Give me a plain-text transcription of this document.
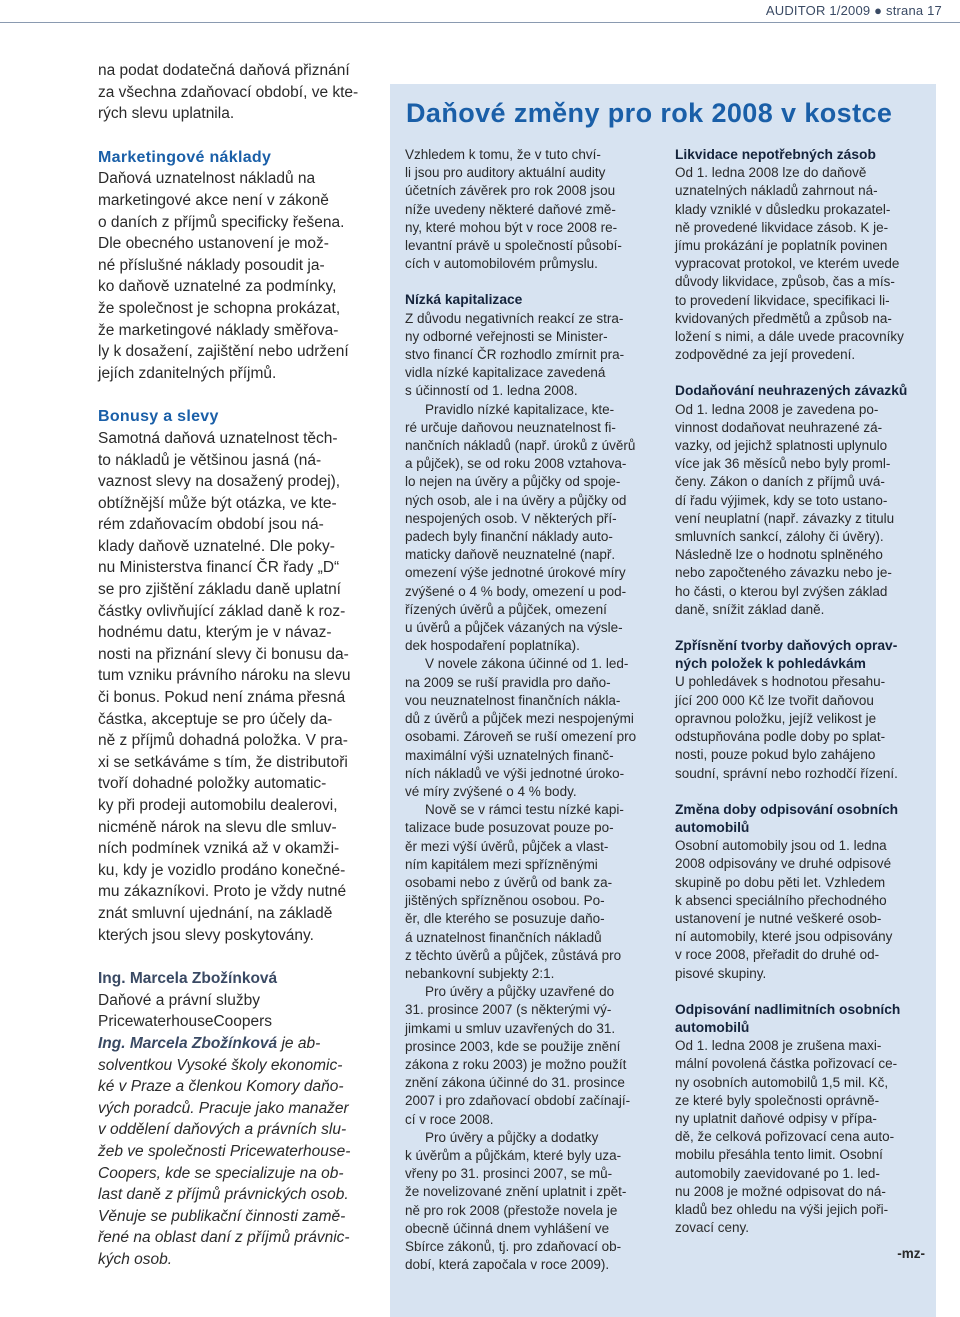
AUDITOR 1/2009 ● strana 17

na podat dodatečná daňová přiznání
za všechna zdaňovací období, ve kte-
rých slevu uplatnila.

Marketingové náklady

Daňová uznatelnost nákladů na
marketingové akce není v zákoně
o daních z příjmů specificky řešena.
Dle obecného ustanovení je mož-
né příslušné náklady posoudit ja-
ko daňově uznatelné za podmínky,
že společnost je schopna prokázat,
že marketingové náklady směřova-
ly k dosažení, zajištění nebo udržení
jejích zdanitelných příjmů.

Bonusy a slevy

Samotná daňová uznatelnost těch-
to nákladů je většinou jasná (ná-
vaznost slevy na dosažený prodej),
obtížnější může být otázka, ve kte-
rém zdaňovacím období jsou ná-
klady daňově uznatelné. Dle poky-
nu Ministerstva financí ČR řady „D“
se pro zjištění základu daně uplatní
částky ovlivňující základ daně k roz-
hodnému datu, kterým je v návaz-
nosti na přiznání slevy či bonusu da-
tum vzniku právního nároku na slevu
či bonus. Pokud není známa přesná
částka, akceptuje se pro účely da-
ně z příjmů dohadná položka. V pra-
xi se setkáváme s tím, že distributoři
tvoří dohadné položky automatic-
ky při prodeji automobilu dealerovi,
nicméně nárok na slevu dle smluv-
ních podmínek vzniká až v okamži-
ku, kdy je vozidlo prodáno konečné-
mu zákazníkovi. Proto je vždy nutné
znát smluvní ujednání, na základě
kterých jsou slevy poskytovány.

Ing. Marcela Zbožínková

Daňové a právní služby

PricewaterhouseCoopers

Ing. Marcela Zbožínková je ab-
solventkou Vysoké školy ekonomic-
ké v Praze a členkou Komory daňo-
vých poradců. Pracuje jako manažer
v oddělení daňových a právních slu-
žeb ve společnosti Pricewaterhouse-
Coopers, kde se specializuje na ob-
last daně z příjmů právnických osob.
Věnuje se publikační činnosti zamě-
řené na oblast daní z příjmů právnic-
kých osob.

Daňové změny pro rok 2008 v kostce

Vzhledem k tomu, že v tuto chví-
li jsou pro auditory aktuální audity
účetních závěrek pro rok 2008 jsou
níže uvedeny některé daňové změ-
ny, které mohou být v roce 2008 re-
levantní právě u společností působí-
cích v automobilovém průmyslu.

Nízká kapitalizace

Z důvodu negativních reakcí ze stra-
ny odborné veřejnosti se Minister-
stvo financí ČR rozhodlo zmírnit pra-
vidla nízké kapitalizace zavedená
s účinností od 1. ledna 2008.

Pravidlo nízké kapitalizace, kte-
ré určuje daňovou neuznatelnost fi-
nančních nákladů (např. úroků z úvěrů
a půjček), se od roku 2008 vztahova-
lo nejen na úvěry a půjčky od spoje-
ných osob, ale i na úvěry a půjčky od
nespojených osob. V některých pří-
padech byly finanční náklady auto-
maticky daňově neuznatelné (např.
omezení výše jednotné úrokové míry
zvýšené o 4 % body, omezení u pod-
řízených úvěrů a půjček, omezení
u úvěrů a půjček vázaných na výsle-
dek hospodaření poplatníka).

V novele zákona účinné od 1. led-
na 2009 se ruší pravidla pro daňo-
vou neuznatelnost finančních nákla-
dů z úvěrů a půjček mezi nespojenými
osobami. Zároveň se ruší omezení pro
maximální výši uznatelných finanč-
ních nákladů ve výši jednotné úroko-
vé míry zvýšené o 4 % body.

Nově se v rámci testu nízké kapi-
talizace bude posuzovat pouze po-
ěr mezi výší úvěrů, půjček a vlast-
ním kapitálem mezi spřízněnými
osobami nebo z úvěrů od bank za-
jištěných spřízněnou osobou. Po-
ěr, dle kterého se posuzuje daňo-
á uznatelnost finančních nákladů
z těchto úvěrů a půjček, zůstává pro
nebankovní subjekty 2:1.

Pro úvěry a půjčky uzavřené do
31. prosince 2007 (s některými vý-
jimkami u smluv uzavřených do 31.
prosince 2003, kde se použije znění
zákona z roku 2003) je možno použít
znění zákona účinné do 31. prosince
2007 i pro zdaňovací období začínají-
cí v roce 2008.

Pro úvěry a půjčky a dodatky
k úvěrům a půjčkám, které byly uza-
vřeny po 31. prosinci 2007, se mů-
že novelizované znění uplatnit i zpět-
ně pro rok 2008 (přestože novela je
obecně účinná dnem vyhlášení ve
Sbírce zákonů, tj. pro zdaňovací ob-
dobí, která započala v roce 2009).

Likvidace nepotřebných zásob

Od 1. ledna 2008 lze do daňově
uznatelných nákladů zahrnout ná-
klady vzniklé v důsledku prokazatel-
ně provedené likvidace zásob. K je-
jímu prokázání je poplatník povinen
vypracovat protokol, ve kterém uvede
důvody likvidace, způsob, čas a mís-
to provedení likvidace, specifikaci li-
kvidovaných předmětů a způsob na-
ložení s nimi, a dále uvede pracovníky
zodpovědné za její provedení.

Dodaňování neuhrazených závazků

Od 1. ledna 2008 je zavedena po-
vinnost dodaňovat neuhrazené zá-
vazky, od jejichž splatnosti uplynulo
více jak 36 měsíců nebo byly proml-
čeny. Zákon o daních z příjmů uvá-
dí řadu výjimek, kdy se toto ustano-
vení neuplatní (např. závazky z titulu
smluvních sankcí, zálohy či úvěry).
Následně lze o hodnotu splněného
nebo započteného závazku nebo je-
ho části, o kterou byl zvýšen základ
daně, snížit základ daně.

Zpřísnění tvorby daňových oprav-
ných položek k pohledávkám

U pohledávek s hodnotou přesahu-
jící 200 000 Kč lze tvořit daňovou
opravnou položku, jejíž velikost je
odstupňována podle doby po splat-
nosti, pouze pokud bylo zahájeno
soudní, správní nebo rozhodčí řízení.

Změna doby odpisování osobních
automobilů

Osobní automobily jsou od 1. ledna
2008 odpisovány ve druhé odpisové
skupině po dobu pěti let. Vzhledem
k absenci speciálního přechodného
ustanovení je nutné veškeré osob-
ní automobily, které jsou odpisovány
v roce 2008, přeřadit do druhé od-
pisové skupiny.

Odpisování nadlimitních osobních
automobilů

Od 1. ledna 2008 je zrušena maxi-
mální povolená částka pořizovací ce-
ny osobních automobilů 1,5 mil. Kč,
ze které byly společnosti oprávně-
ny uplatnit daňové odpisy v přípa-
dě, že celková pořizovací cena auto-
mobilu přesáhla tento limit. Osobní
automobily zaevidované po 1. led-
nu 2008 je možné odpisovat do ná-
kladů bez ohledu na výši jejich poři-
zovací ceny.

-mz-
